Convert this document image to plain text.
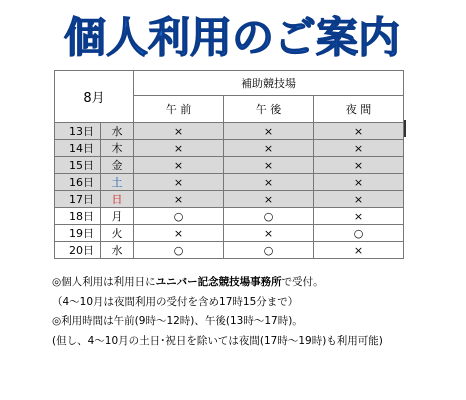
個人利用のご案内
8月		補助競技場		
		午 前	午 後	夜 間
13日	水	×	×	×
14日	木	×	×	×
15日	金	×	×	×
16日	土	×	×	×
17日	日	×	×	×
18日	月	○	○	×
19日	火	×	×	○
20日	水	○	○	×
◎個人利用は利用日にユニバー記念競技場事務所で受付。
（4～10月は夜間利用の受付を含め17時15分まで）
◎利用時間は午前(9時～12時)、午後(13時～17時)。
(但し、4～10月の土日･祝日を除いては夜間(17時～19時)も利用可能)
